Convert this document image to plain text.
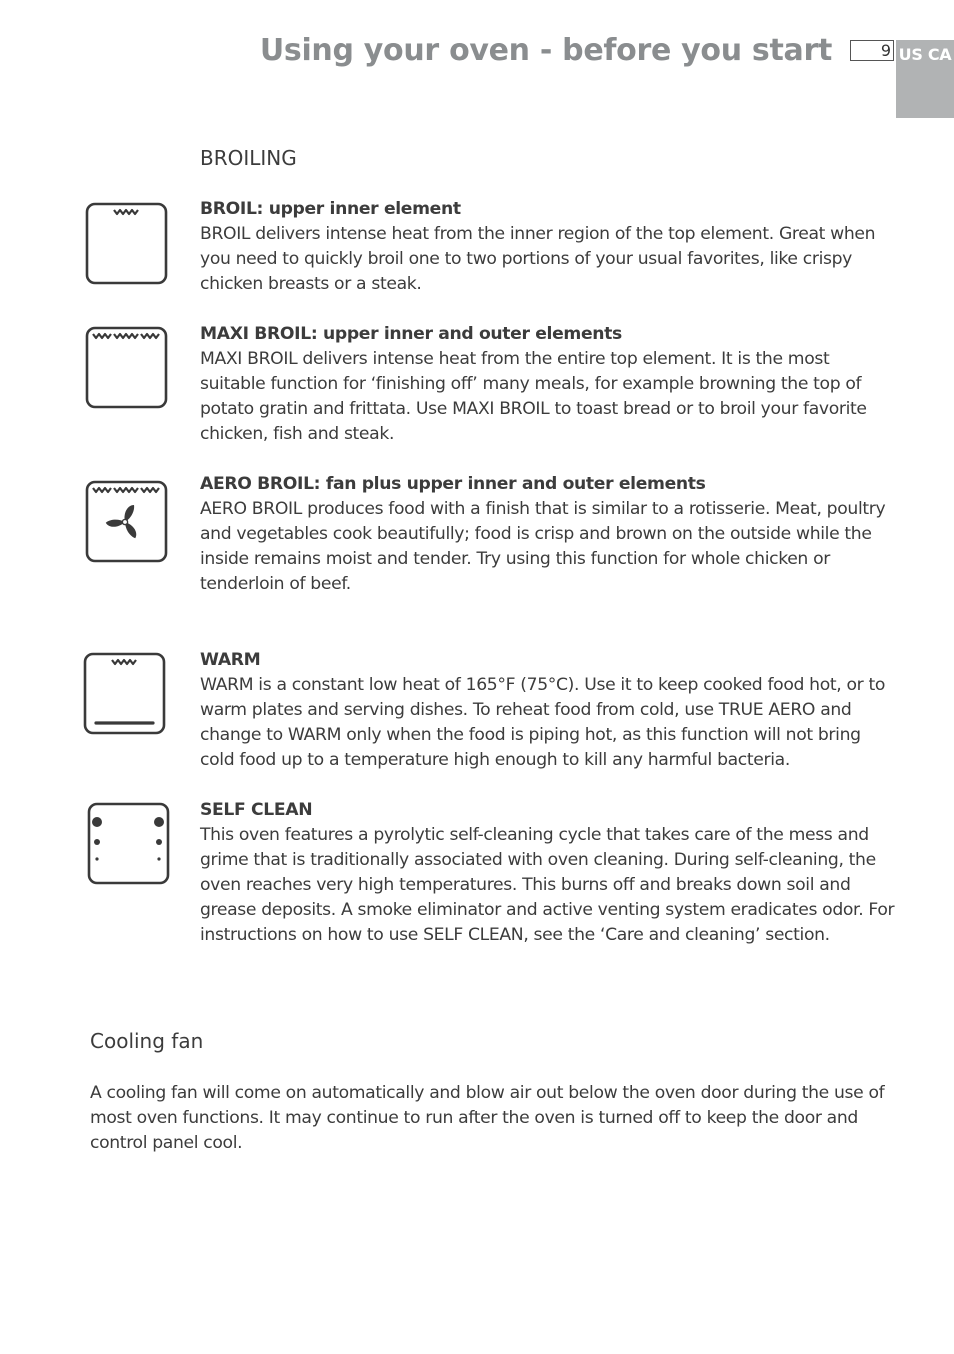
Using your oven - before you start	9 US CA
BROILING
BROIL: upper inner element
BROIL delivers intense heat from the inner region of the top element. Great when you need to quickly broil one to two portions of your usual favorites, like crispy chicken breasts or a steak.
MAXI BROIL: upper inner and outer elements
MAXI BROIL delivers intense heat from the entire top element. It is the most suitable function for ‘finishing off’ many meals, for example browning the top of potato gratin and frittata. Use MAXI BROIL to toast bread or to broil your favorite chicken, fish and steak.
AERO BROIL: fan plus upper inner and outer elements
AERO BROIL produces food with a finish that is similar to a rotisserie. Meat, poultry and vegetables cook beautifully; food is crisp and brown on the outside while the inside remains moist and tender. Try using this function for whole chicken or tenderloin of beef.
WARM
WARM is a constant low heat of 165°F (75°C). Use it to keep cooked food hot, or to warm plates and serving dishes. To reheat food from cold, use TRUE AERO and change to WARM only when the food is piping hot, as this function will not bring cold food up to a temperature high enough to kill any harmful bacteria.
SELF CLEAN
This oven features a pyrolytic self-cleaning cycle that takes care of the mess and grime that is traditionally associated with oven cleaning. During self-cleaning, the oven reaches very high temperatures. This burns off and breaks down soil and grease deposits. A smoke eliminator and active venting system eradicates odor. For instructions on how to use SELF CLEAN, see the ‘Care and cleaning’ section.
Cooling fan
A cooling fan will come on automatically and blow air out below the oven door during the use of most oven functions. It may continue to run after the oven is turned off to keep the door and control panel cool.
